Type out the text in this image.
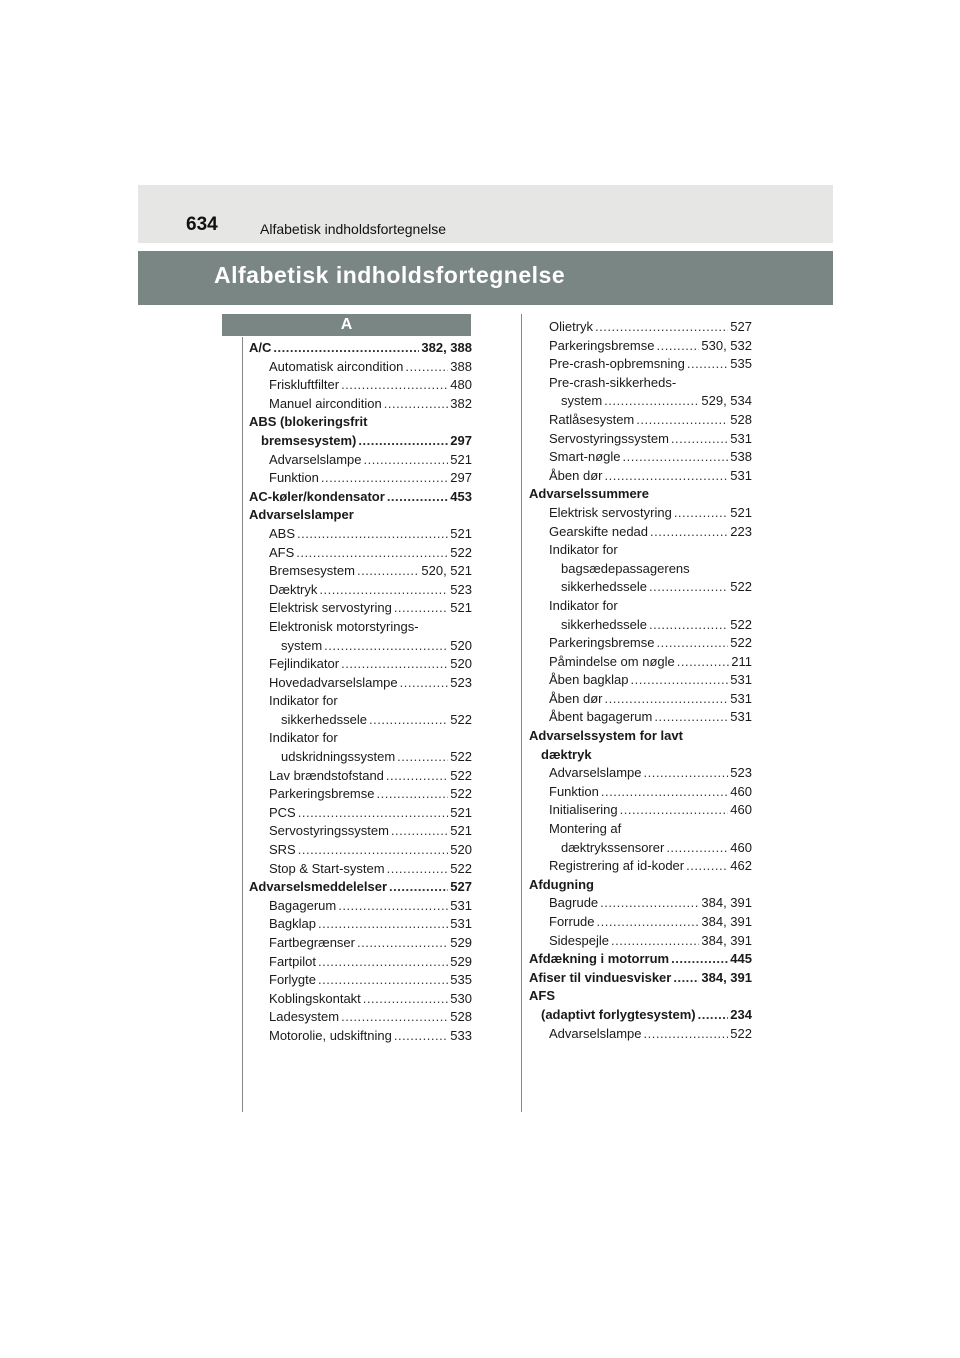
634	Alfabetisk indholdsfortegnelse
Alfabetisk indholdsfortegnelse
A
A/C .....	382, 388
Automatisk aircondition .....	388
Friskluftfilter .....	480
Manuel aircondition .....	382
ABS (blokeringsfrit
bremsesystem) .....	297
Advarselslampe .....	521
Funktion .....	297
AC-køler/kondensator .....	453
Advarselslamper
ABS .....	521
AFS .....	522
Bremsesystem .....	520, 521
Dæktryk .....	523
Elektrisk servostyring .....	521
Elektronisk motorstyrings-
system .....	520
Fejlindikator .....	520
Hovedadvarselslampe .....	523
Indikator for
sikkerhedssele .....	522
Indikator for
udskridningssystem .....	522
Lav brændstofstand .....	522
Parkeringsbremse .....	522
PCS .....	521
Servostyringssystem .....	521
SRS .....	520
Stop & Start-system .....	522
Advarselsmeddelelser .....	527
Bagagerum .....	531
Bagklap .....	531
Fartbegrænser .....	529
Fartpilot .....	529
Forlygte .....	535
Koblingskontakt .....	530
Ladesystem .....	528
Motorolie, udskiftning .....	533
Olietryk .....	527
Parkeringsbremse .....	530, 532
Pre-crash-opbremsning .....	535
Pre-crash-sikkerheds-
system .....	529, 534
Ratlåsesystem .....	528
Servostyringssystem .....	531
Smart-nøgle .....	538
Åben dør .....	531
Advarselssummere
Elektrisk servostyring .....	521
Gearskifte nedad .....	223
Indikator for
bagsædepassagerens
sikkerhedssele .....	522
Indikator for
sikkerhedssele .....	522
Parkeringsbremse .....	522
Påmindelse om nøgle .....	211
Åben bagklap .....	531
Åben dør .....	531
Åbent bagagerum .....	531
Advarselssystem for lavt
dæktryk
Advarselslampe .....	523
Funktion .....	460
Initialisering .....	460
Montering af
dæktrykssensorer .....	460
Registrering af id-koder .....	462
Afdugning
Bagrude .....	384, 391
Forrude .....	384, 391
Sidespejle .....	384, 391
Afdækning i motorrum .....	445
Afiser til vinduesvisker ..... 384, 391
AFS
(adaptivt forlygtesystem) .....	234
Advarselslampe .....	522
